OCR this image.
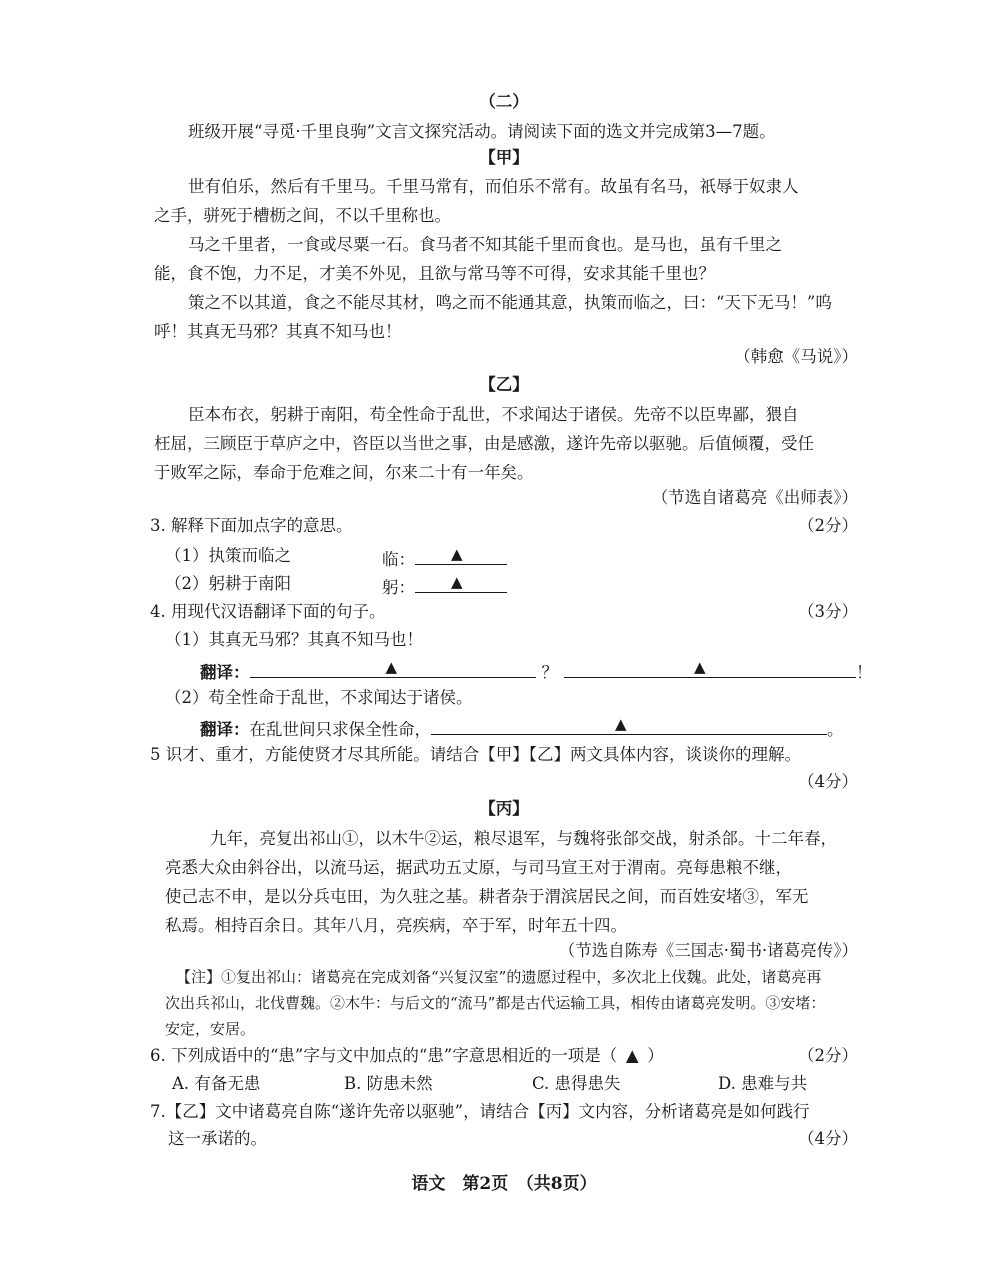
（二）
班级开展“寻觅·千里良驹”文言文探究活动。请阅读下面的选文并完成第3—7题。
【甲】
世有伯乐，然后有千里马。千里马常有，而伯乐不常有。故虽有名马，祇辱于奴隶人
之手，骈死于槽枥之间，不以千里称也。
马之千里者，一食或尽粟一石。食马者不知其能千里而食也。是马也，虽有千里之
能，食不饱，力不足，才美不外见，且欲与常马等不可得，安求其能千里也？
策之不以其道，食之不能尽其材，鸣之而不能通其意，执策而临之，曰：“天下无马！”呜
呼！其真无马邪？其真不知马也！
（韩愈《马说》）
【乙】
臣本布衣，躬耕于南阳，苟全性命于乱世，不求闻达于诸侯。先帝不以臣卑鄙，猥自
枉屈，三顾臣于草庐之中，咨臣以当世之事，由是感激，遂许先帝以驱驰。后值倾覆，受任
于败军之际，奉命于危难之间，尔来二十有一年矣。
（节选自诸葛亮《出师表》）
3. 解释下面加点字的意思。	（2分）
（1）执策而临之	临： ▲
（2）躬耕于南阳	躬： ▲
4. 用现代汉语翻译下面的句子。	（3分）
（1）其真无马邪？其真不知马也！
翻译：	▲	？	▲	！
（2）苟全性命于乱世，不求闻达于诸侯。
翻译：在乱世间只求保全性命，	▲	。
5 识才、重才，方能使贤才尽其所能。请结合【甲】【乙】两文具体内容，谈谈你的理解。
（4分）
【丙】
九年，亮复出祁山①，以木牛②运，粮尽退军，与魏将张郃交战，射杀郃。十二年春，
亮悉大众由斜谷出，以流马运，据武功五丈原，与司马宣王对于渭南。亮每患粮不继，
使己志不申，是以分兵屯田，为久驻之基。耕者杂于渭滨居民之间，而百姓安堵③，军无
私焉。相持百余日。其年八月，亮疾病，卒于军，时年五十四。
（节选自陈寿《三国志·蜀书·诸葛亮传》）
【注】①复出祁山：诸葛亮在完成刘备“兴复汉室”的遗愿过程中，多次北上伐魏。此处，诸葛亮再
次出兵祁山，北伐曹魏。②木牛：与后文的“流马”都是古代运输工具，相传由诸葛亮发明。③安堵：
安定，安居。
6. 下列成语中的“患”字与文中加点的“患”字意思相近的一项是（ ▲ ）	（2分）
A. 有备无患	B. 防患未然	C. 患得患失	D. 患难与共
7.【乙】文中诸葛亮自陈“遂许先帝以驱驰”，请结合【丙】文内容，分析诸葛亮是如何践行
这一承诺的。	（4分）
语文　第2页　（共8页）
